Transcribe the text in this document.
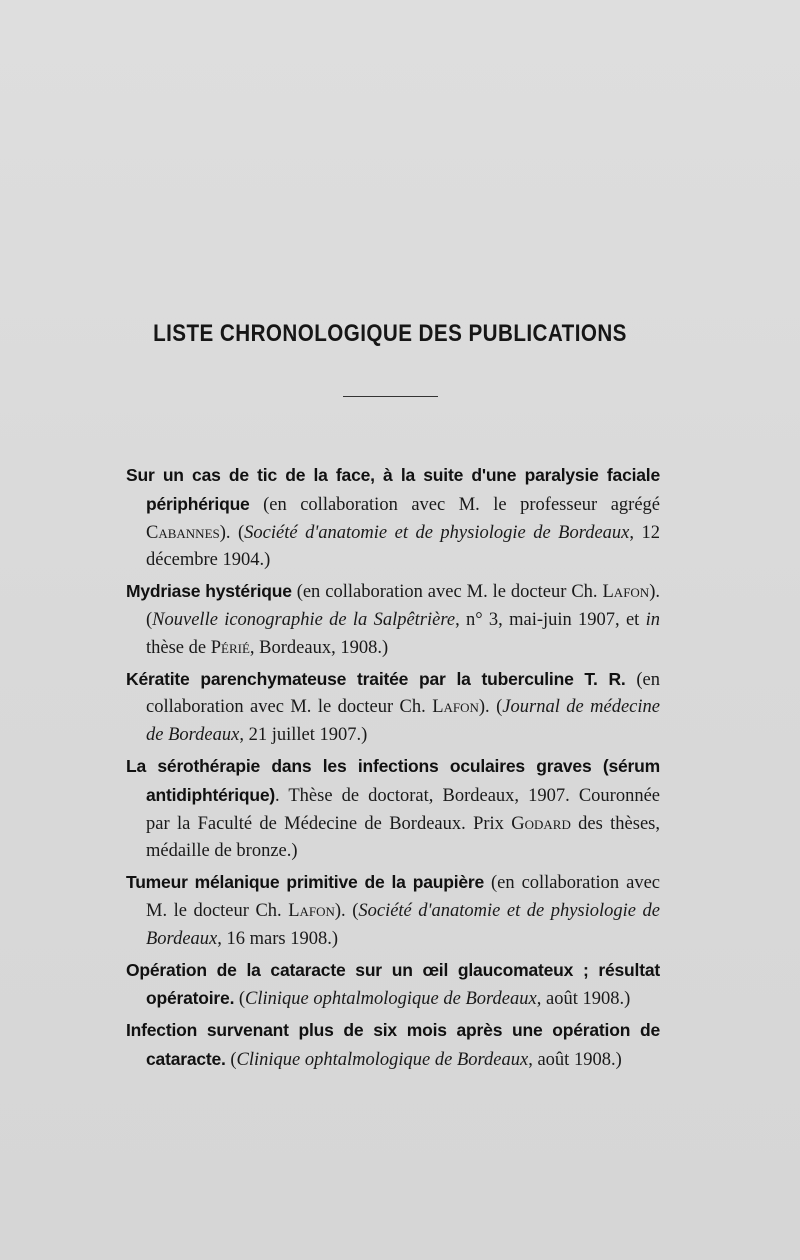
LISTE CHRONOLOGIQUE DES PUBLICATIONS

Sur un cas de tic de la face, à la suite d'une paralysie faciale périphérique (en collaboration avec M. le professeur agrégé Cabannes). (Société d'anatomie et de physiologie de Bordeaux, 12 décembre 1904.)

Mydriase hystérique (en collaboration avec M. le docteur Ch. Lafon). (Nouvelle iconographie de la Salpêtrière, n° 3, mai-juin 1907, et in thèse de Périé, Bordeaux, 1908.)

Kératite parenchymateuse traitée par la tuberculine T. R. (en collaboration avec M. le docteur Ch. Lafon). (Journal de médecine de Bordeaux, 21 juillet 1907.)

La sérothérapie dans les infections oculaires graves (sérum antidiphtérique). Thèse de doctorat, Bordeaux, 1907. Couronnée par la Faculté de Médecine de Bordeaux. Prix Godard des thèses, médaille de bronze.)

Tumeur mélanique primitive de la paupière (en collaboration avec M. le docteur Ch. Lafon). (Société d'anatomie et de physiologie de Bordeaux, 16 mars 1908.)

Opération de la cataracte sur un œil glaucomateux ; résultat opératoire. (Clinique ophtalmologique de Bordeaux, août 1908.)

Infection survenant plus de six mois après une opération de cataracte. (Clinique ophtalmologique de Bordeaux, août 1908.)
